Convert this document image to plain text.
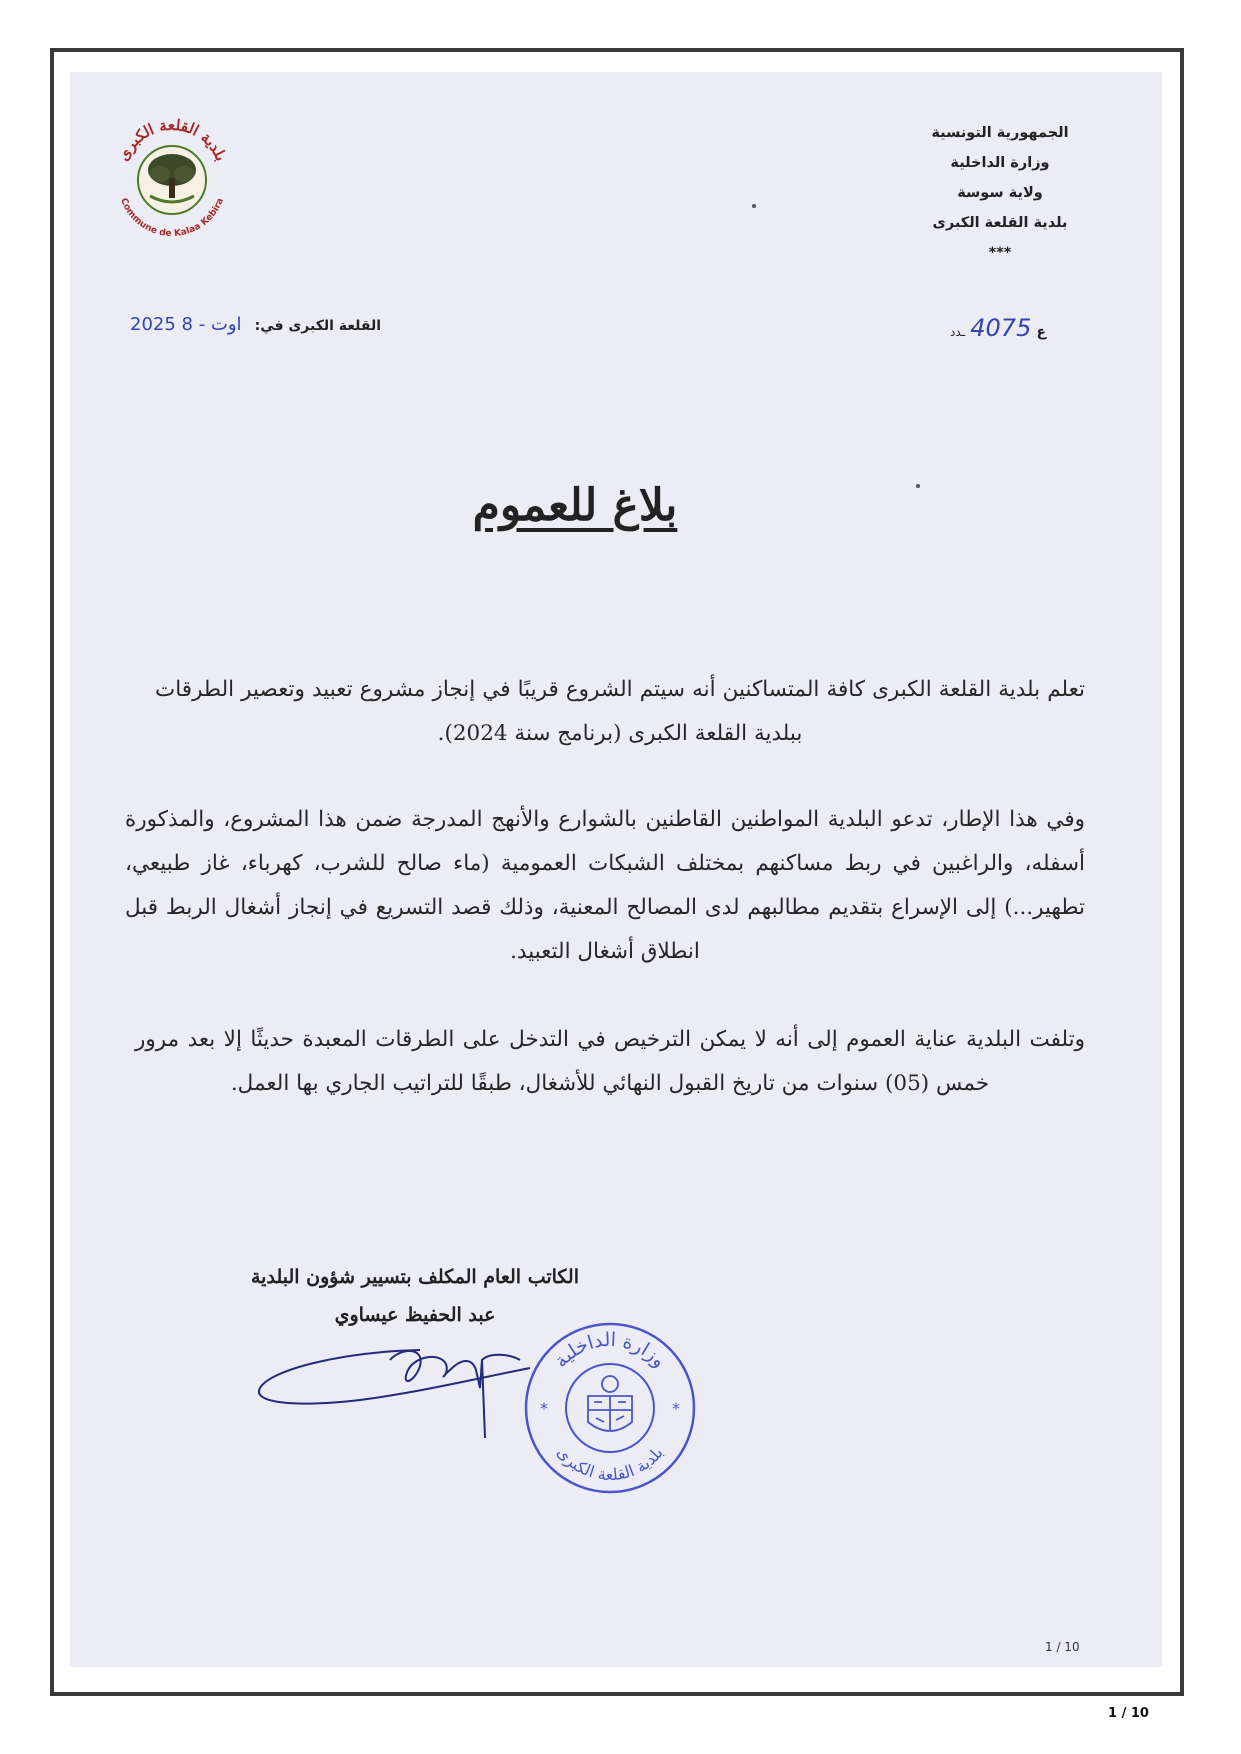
بلدية القلعة الكبرى
Commune de Kalaa Kebira
الجمهورية التونسية
وزارة الداخلية
ولاية سوسة
بلدية القلعة الكبرى
***
ع 4075 ـدد
2025 اوت - 8 القلعة الكبرى في:
بلاغ للعموم
تعلم بلدية القلعة الكبرى كافة المتساكنين أنه سيتم الشروع قريبًا في إنجاز مشروع تعبيد وتعصير الطرقات ببلدية القلعة الكبرى (برنامج سنة 2024).
وفي هذا الإطار، تدعو البلدية المواطنين القاطنين بالشوارع والأنهج المدرجة ضمن هذا المشروع، والمذكورة أسفله، والراغبين في ربط مساكنهم بمختلف الشبكات العمومية (ماء صالح للشرب، كهرباء، غاز طبيعي، تطهير...) إلى الإسراع بتقديم مطالبهم لدى المصالح المعنية، وذلك قصد التسريع في إنجاز أشغال الربط قبل انطلاق أشغال التعبيد.
وتلفت البلدية عناية العموم إلى أنه لا يمكن الترخيص في التدخل على الطرقات المعبدة حديثًا إلا بعد مرور خمس (05) سنوات من تاريخ القبول النهائي للأشغال، طبقًا للتراتيب الجاري بها العمل.
الكاتب العام المكلف بتسيير شؤون البلدية
عبد الحفيظ عيساوي
وزارة الداخلية
بلدية القلعة الكبرى
*	*
1 / 10
1 / 10
